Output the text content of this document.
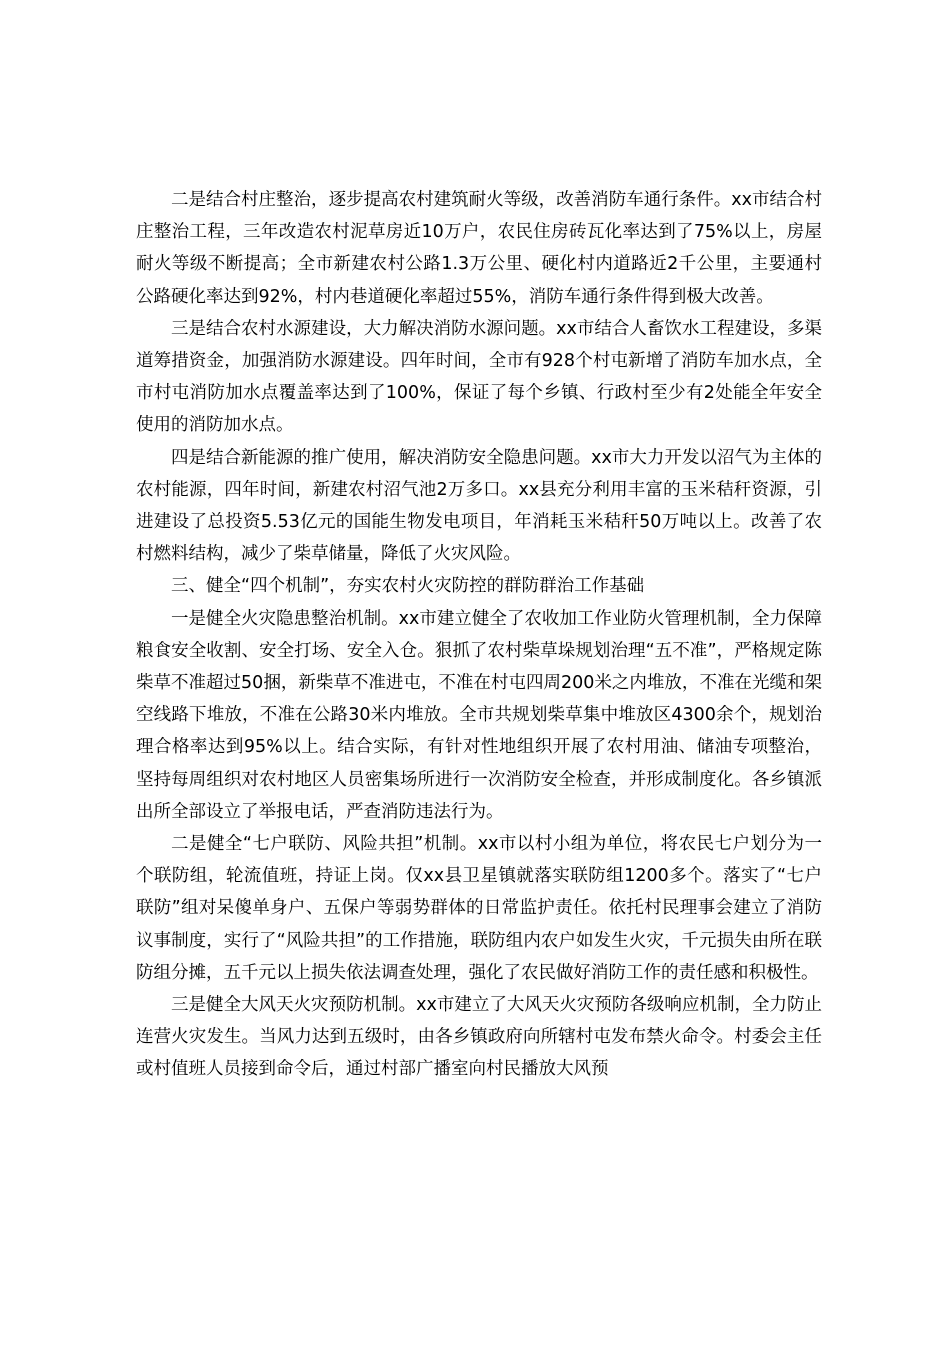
二是结合村庄整治，逐步提高农村建筑耐火等级，改善消防车通行条件。xx市结合村庄整治工程，三年改造农村泥草房近10万户，农民住房砖瓦化率达到了75%以上，房屋耐火等级不断提高；全市新建农村公路1.3万公里、硬化村内道路近2千公里，主要通村公路硬化率达到92%，村内巷道硬化率超过55%，消防车通行条件得到极大改善。

三是结合农村水源建设，大力解决消防水源问题。xx市结合人畜饮水工程建设，多渠道筹措资金，加强消防水源建设。四年时间，全市有928个村屯新增了消防车加水点，全市村屯消防加水点覆盖率达到了100%，保证了每个乡镇、行政村至少有2处能全年安全使用的消防加水点。

四是结合新能源的推广使用，解决消防安全隐患问题。xx市大力开发以沼气为主体的农村能源，四年时间，新建农村沼气池2万多口。xx县充分利用丰富的玉米秸秆资源，引进建设了总投资5.53亿元的国能生物发电项目，年消耗玉米秸秆50万吨以上。改善了农村燃料结构，减少了柴草储量，降低了火灾风险。

三、健全“四个机制”，夯实农村火灾防控的群防群治工作基础

一是健全火灾隐患整治机制。xx市建立健全了农收加工作业防火管理机制，全力保障粮食安全收割、安全打场、安全入仓。狠抓了农村柴草垛规划治理“五不准”，严格规定陈柴草不准超过50捆，新柴草不准进屯，不准在村屯四周200米之内堆放，不准在光缆和架空线路下堆放，不准在公路30米内堆放。全市共规划柴草集中堆放区4300余个，规划治理合格率达到95%以上。结合实际，有针对性地组织开展了农村用油、储油专项整治，坚持每周组织对农村地区人员密集场所进行一次消防安全检查，并形成制度化。各乡镇派出所全部设立了举报电话，严查消防违法行为。

二是健全“七户联防、风险共担”机制。xx市以村小组为单位，将农民七户划分为一个联防组，轮流值班，持证上岗。仅xx县卫星镇就落实联防组1200多个。落实了“七户联防”组对呆傻单身户、五保户等弱势群体的日常监护责任。依托村民理事会建立了消防议事制度，实行了“风险共担”的工作措施，联防组内农户如发生火灾，千元损失由所在联防组分摊，五千元以上损失依法调查处理，强化了农民做好消防工作的责任感和积极性。

三是健全大风天火灾预防机制。xx市建立了大风天火灾预防各级响应机制，全力防止连营火灾发生。当风力达到五级时，由各乡镇政府向所辖村屯发布禁火命令。村委会主任或村值班人员接到命令后，通过村部广播室向村民播放大风预
